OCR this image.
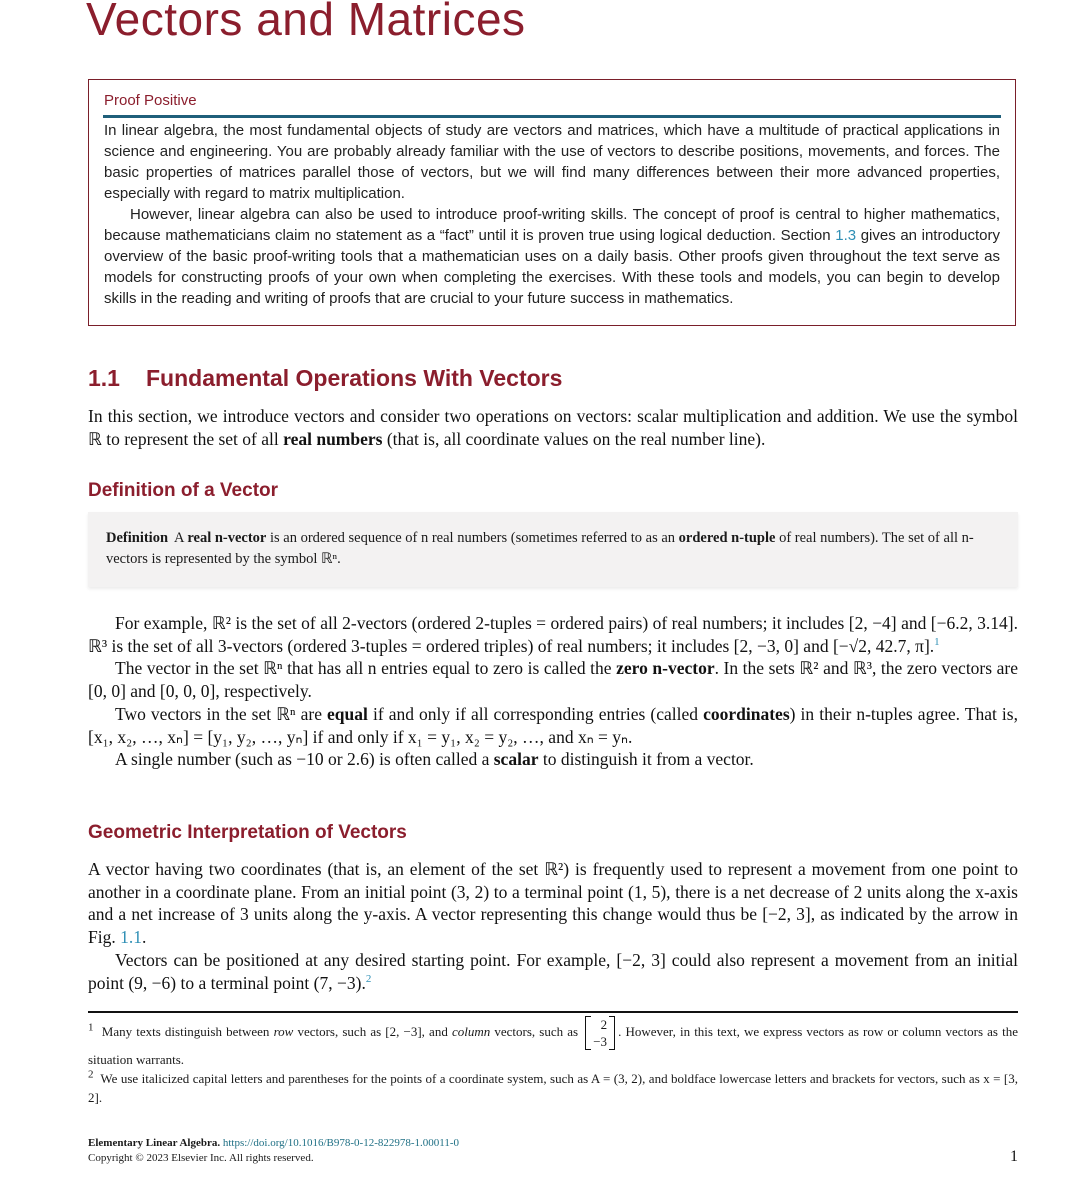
Vectors and Matrices
Proof Positive

In linear algebra, the most fundamental objects of study are vectors and matrices, which have a multitude of practical applications in science and engineering. You are probably already familiar with the use of vectors to describe positions, movements, and forces. The basic properties of matrices parallel those of vectors, but we will find many differences between their more advanced properties, especially with regard to matrix multiplication.

However, linear algebra can also be used to introduce proof-writing skills. The concept of proof is central to higher mathematics, because mathematicians claim no statement as a “fact” until it is proven true using logical deduction. Section 1.3 gives an introductory overview of the basic proof-writing tools that a mathematician uses on a daily basis. Other proofs given throughout the text serve as models for constructing proofs of your own when completing the exercises. With these tools and models, you can begin to develop skills in the reading and writing of proofs that are crucial to your future success in mathematics.

1.1 Fundamental Operations With Vectors

In this section, we introduce vectors and consider two operations on vectors: scalar multiplication and addition. We use the symbol ℝ to represent the set of all real numbers (that is, all coordinate values on the real number line).

Definition of a Vector
Definition A real n-vector is an ordered sequence of n real numbers (sometimes referred to as an ordered n-tuple of real numbers). The set of all n-vectors is represented by the symbol ℝⁿ.

For example, ℝ² is the set of all 2-vectors (ordered 2-tuples = ordered pairs) of real numbers; it includes [2, −4] and [−6.2, 3.14]. ℝ³ is the set of all 3-vectors (ordered 3-tuples = ordered triples) of real numbers; it includes [2, −3, 0] and [−√2, 42.7, π].$^1$

The vector in the set ℝⁿ that has all n entries equal to zero is called the zero n-vector. In the sets ℝ² and ℝ³, the zero vectors are [0, 0] and [0, 0, 0], respectively.

Two vectors in the set ℝⁿ are equal if and only if all corresponding entries (called coordinates) in their n-tuples agree. That is, [x₁, x₂, …, xₙ] = [y₁, y₂, …, yₙ] if and only if x₁ = y₁, x₂ = y₂, …, and xₙ = yₙ.

A single number (such as −10 or 2.6) is often called a scalar to distinguish it from a vector.

Geometric Interpretation of Vectors

A vector having two coordinates (that is, an element of the set ℝ²) is frequently used to represent a movement from one point to another in a coordinate plane. From an initial point (3, 2) to a terminal point (1, 5), there is a net decrease of 2 units along the x-axis and a net increase of 3 units along the y-axis. A vector representing this change would thus be [−2, 3], as indicated by the arrow in Fig. 1.1.

Vectors can be positioned at any desired starting point. For example, [−2, 3] could also represent a movement from an initial point (9, −6) to a terminal point (7, −3).$^2$

$^1$ Many texts distinguish between row vectors, such as [2, −3], and column vectors, such as	2
−3
. However, in this text, we express vectors as row or column vectors as the situation warrants.

$^2$ We use italicized capital letters and parentheses for the points of a coordinate system, such as A = (3, 2), and boldface lowercase letters and brackets for vectors, such as x = [3, 2].

Elementary Linear Algebra. https://doi.org/10.1016/B978-0-12-822978-1.00011-0
Copyright © 2023 Elsevier Inc. All rights reserved.	1
